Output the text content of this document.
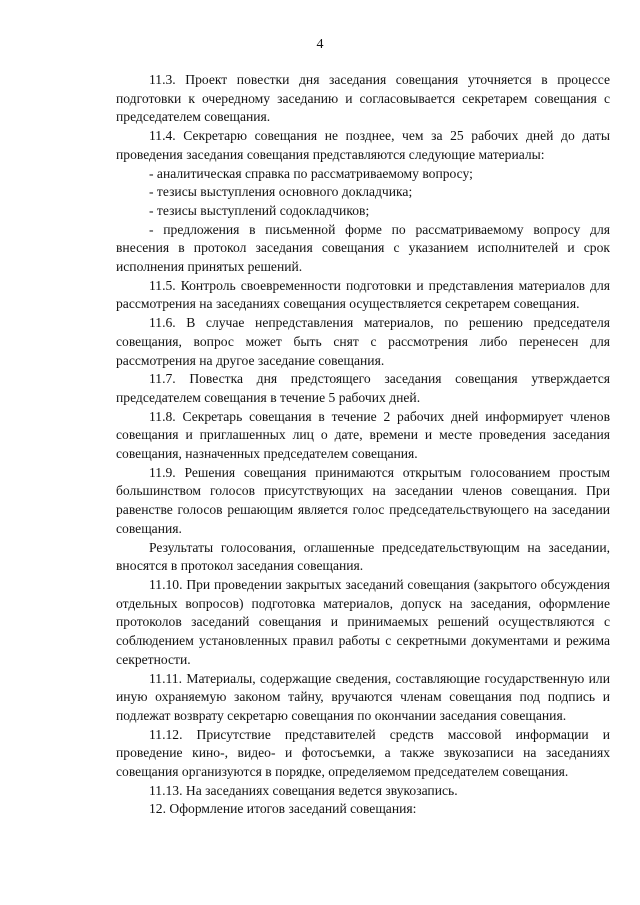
4

11.3. Проект повестки дня заседания совещания уточняется в процессе подготовки к очередному заседанию и согласовывается секретарем совещания с председателем совещания.

11.4. Секретарю совещания не позднее, чем за 25 рабочих дней до даты проведения заседания совещания представляются следующие материалы:

- аналитическая справка по рассматриваемому вопросу;

- тезисы выступления основного докладчика;

- тезисы выступлений содокладчиков;

- предложения в письменной форме по рассматриваемому вопросу для внесения в протокол заседания совещания с указанием исполнителей и срок исполнения принятых решений.

11.5. Контроль своевременности подготовки и представления материалов для рассмотрения на заседаниях совещания осуществляется секретарем совещания.

11.6. В случае непредставления материалов, по решению председателя совещания, вопрос может быть снят с рассмотрения либо перенесен для рассмотрения на другое заседание совещания.

11.7. Повестка дня предстоящего заседания совещания утверждается председателем совещания в течение 5 рабочих дней.

11.8. Секретарь совещания в течение 2 рабочих дней информирует членов совещания и приглашенных лиц о дате, времени и месте проведения заседания совещания, назначенных председателем совещания.

11.9. Решения совещания принимаются открытым голосованием простым большинством голосов присутствующих на заседании членов совещания. При равенстве голосов решающим является голос председательствующего на заседании совещания.

Результаты голосования, оглашенные председательствующим на заседании, вносятся в протокол заседания совещания.

11.10. При проведении закрытых заседаний совещания (закрытого обсуждения отдельных вопросов) подготовка материалов, допуск на заседания, оформление протоколов заседаний совещания и принимаемых решений осуществляются с соблюдением установленных правил работы с секретными документами и режима секретности.

11.11. Материалы, содержащие сведения, составляющие государственную или иную охраняемую законом тайну, вручаются членам совещания под подпись и подлежат возврату секретарю совещания по окончании заседания совещания.

11.12. Присутствие представителей средств массовой информации и проведение кино-, видео- и фотосъемки, а также звукозаписи на заседаниях совещания организуются в порядке, определяемом председателем совещания.

11.13. На заседаниях совещания ведется звукозапись.

12. Оформление итогов заседаний совещания:
